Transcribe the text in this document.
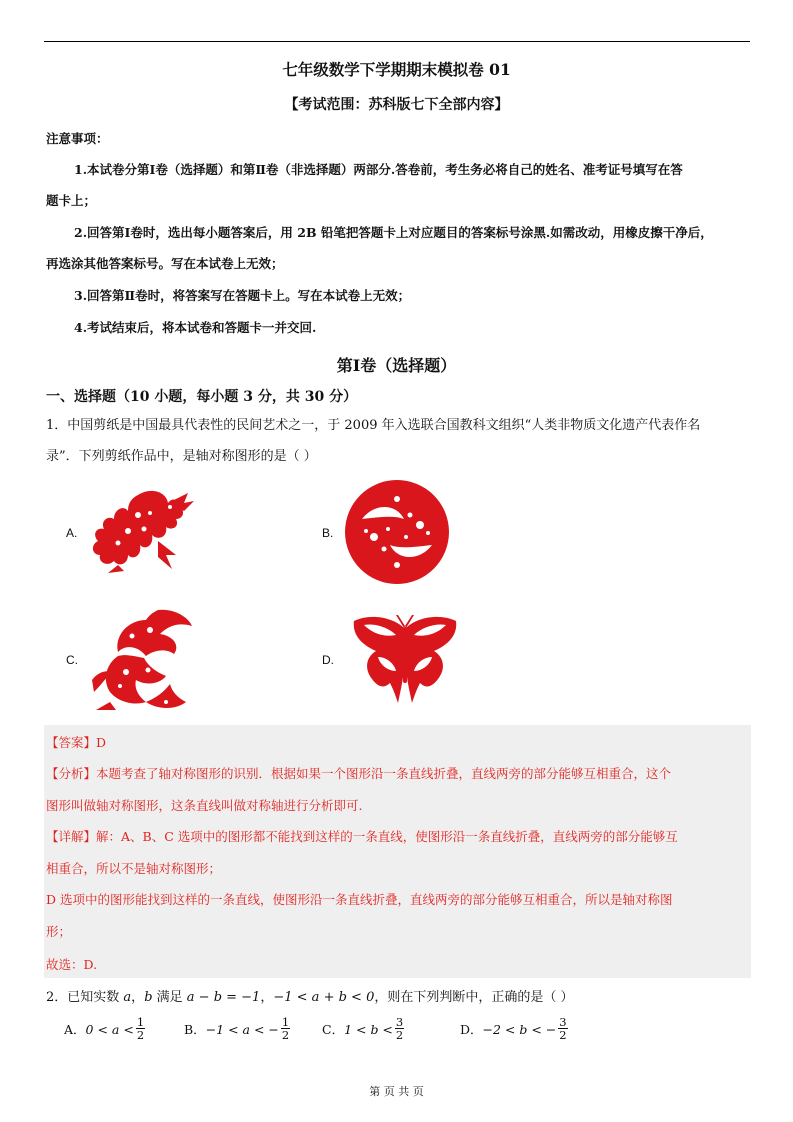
七年级数学下学期期末模拟卷 01
【考试范围：苏科版七下全部内容】
注意事项：
1.本试卷分第Ⅰ卷（选择题）和第Ⅱ卷（非选择题）两部分.答卷前，考生务必将自己的姓名、准考证号填写在答
题卡上；
2.回答第Ⅰ卷时，选出每小题答案后，用 2B 铅笔把答题卡上对应题目的答案标号涂黑.如需改动，用橡皮擦干净后，
再选涂其他答案标号。写在本试卷上无效；
3.回答第Ⅱ卷时，将答案写在答题卡上。写在本试卷上无效；
4.考试结束后，将本试卷和答题卡一并交回.
第Ⅰ卷（选择题）
一、选择题（10 小题，每小题 3 分，共 30 分）
1．中国剪纸是中国最具代表性的民间艺术之一，于 2009 年入选联合国教科文组织“人类非物质文化遗产代表作名
录”．下列剪纸作品中，是轴对称图形的是（ ）
A.	B.
C.	D.
【答案】D
【分析】本题考查了轴对称图形的识别．根据如果一个图形沿一条直线折叠，直线两旁的部分能够互相重合，这个
图形叫做轴对称图形，这条直线叫做对称轴进行分析即可.
【详解】解：A、B、C 选项中的图形都不能找到这样的一条直线，使图形沿一条直线折叠，直线两旁的部分能够互
相重合，所以不是轴对称图形；
D 选项中的图形能找到这样的一条直线，使图形沿一条直线折叠，直线两旁的部分能够互相重合，所以是轴对称图
形；
故选：D.
2．已知实数 a，b 满足 a − b = −1，−1 < a + b < 0，则在下列判断中，正确的是（ ）
A． $0 < a < \frac{1}{2}$	B． −1 < a < − $\frac{1}{2}$	C． $1 < b < \frac{3}{2}$	D． −2 < b < − $\frac{3}{2}$
第 页 共 页
